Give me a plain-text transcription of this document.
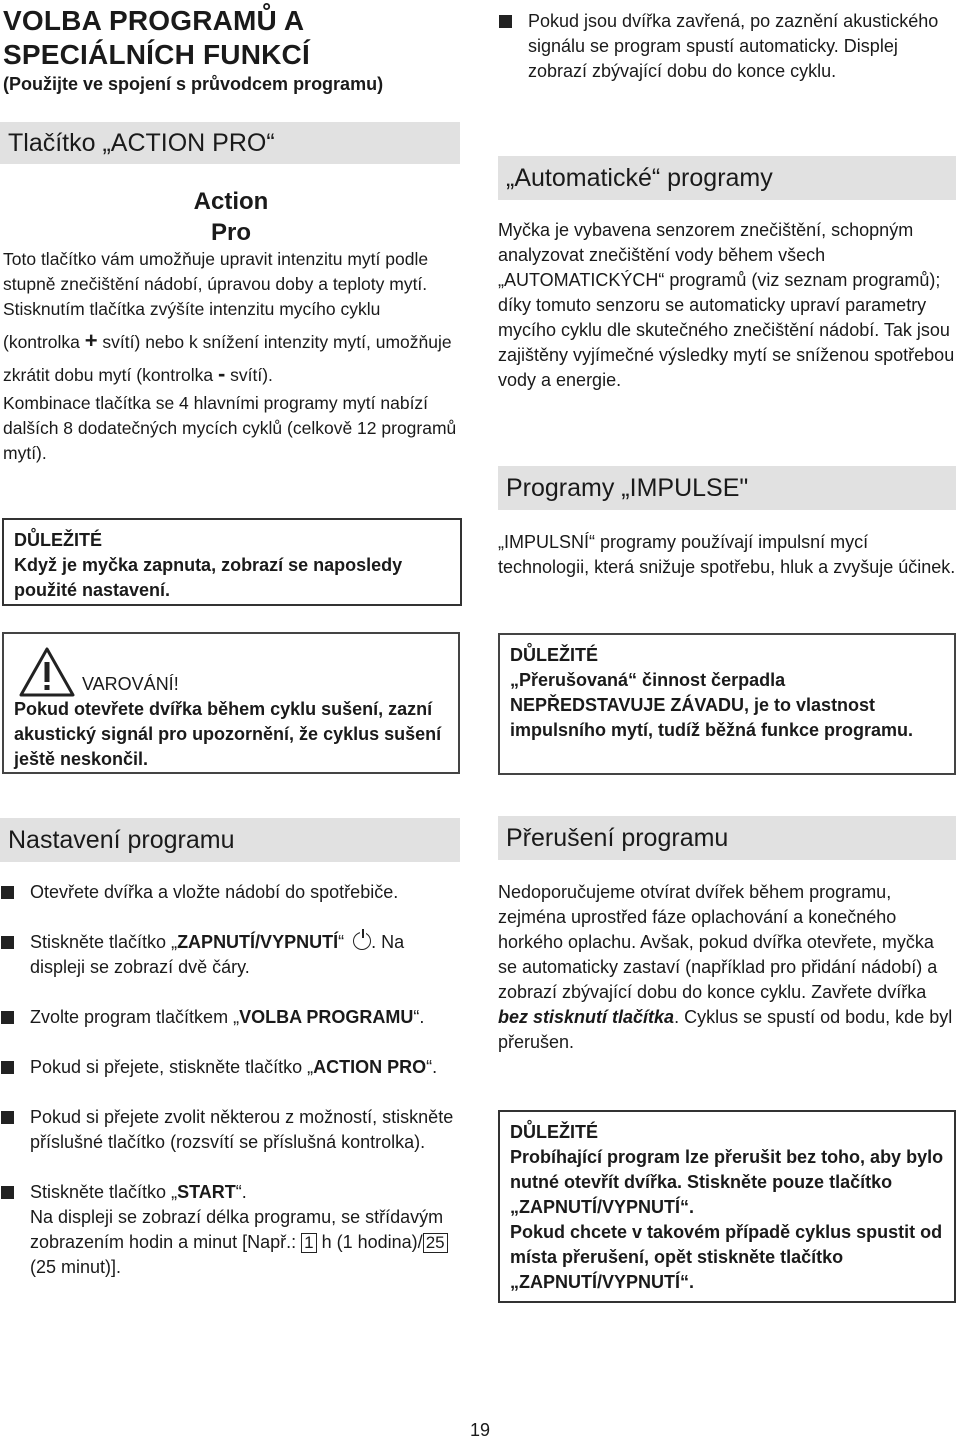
VOLBA PROGRAMŮ A
SPECIÁLNÍCH FUNKCÍ
(Použijte ve spojení s průvodcem programu)
Tlačítko „ACTION PRO“
Action
Pro

Toto tlačítko vám umožňuje upravit intenzitu mytí podle stupně znečištění nádobí, úpravou doby a teploty mytí.

Stisknutím tlačítka zvýšíte intenzitu mycího cyklu (kontrolka + svítí) nebo k snížení intenzity mytí, umožňuje zkrátit dobu mytí (kontrolka - svítí).

Kombinace tlačítka se 4 hlavními programy mytí nabízí dalších 8 dodatečných mycích cyklů (celkově 12 programů mytí).

DŮLEŽITÉ
Když je myčka zapnuta, zobrazí se naposledy použité nastavení.
VAROVÁNÍ!
Pokud otevřete dvířka během cyklu sušení, zazní akustický signál pro upozornění, že cyklus sušení ještě neskončil.
Nastavení programu
Otevřete dvířka a vložte nádobí do spotřebiče.
Stiskněte tlačítko „ZAPNUTÍ/VYPNUTÍ“ . Na displeji se zobrazí dvě čáry.
Zvolte program tlačítkem „VOLBA PROGRAMU“.
Pokud si přejete, stiskněte tlačítko „ACTION PRO“.
Pokud si přejete zvolit některou z možností, stiskněte příslušné tlačítko (rozsvítí se příslušná kontrolka).
Stiskněte tlačítko „START“.
Na displeji se zobrazí délka programu, se střídavým zobrazením hodin a minut [Např.: 1 h (1 hodina)/ 25 (25 minut)].
Pokud jsou dvířka zavřená, po zaznění akustického signálu se program spustí automaticky. Displej zobrazí zbývající dobu do konce cyklu.
„Automatické“ programy
Myčka je vybavena senzorem znečištění, schopným analyzovat znečištění vody během všech „AUTOMATICKÝCH“ programů (viz seznam programů); díky tomuto senzoru se automaticky upraví parametry mycího cyklu dle skutečného znečištění nádobí. Tak jsou zajištěny vyjímečné výsledky mytí se sníženou spotřebou vody a energie.
Programy „IMPULSE"
„IMPULSNÍ“ programy používají impulsní mycí technologii, která snižuje spotřebu, hluk a zvyšuje účinek.
DŮLEŽITÉ
„Přerušovaná“ činnost čerpadla NEPŘEDSTAVUJE ZÁVADU, je to vlastnost impulsního mytí, tudíž běžná funkce programu.
Přerušení programu
Nedoporučujeme otvírat dvířek během programu, zejména uprostřed fáze oplachování a konečného horkého oplachu. Avšak, pokud dvířka otevřete, myčka se automaticky zastaví (například pro přidání nádobí) a zobrazí zbývající dobu do konce cyklu. Zavřete dvířka bez stisknutí tlačítka. Cyklus se spustí od bodu, kde byl přerušen.
DŮLEŽITÉ
Probíhající program lze přerušit bez toho, aby bylo nutné otevřít dvířka. Stiskněte pouze tlačítko „ZAPNUTÍ/VYPNUTÍ“.
Pokud chcete v takovém případě cyklus spustit od místa přerušení, opět stiskněte tlačítko „ZAPNUTÍ/VYPNUTÍ“.
19
